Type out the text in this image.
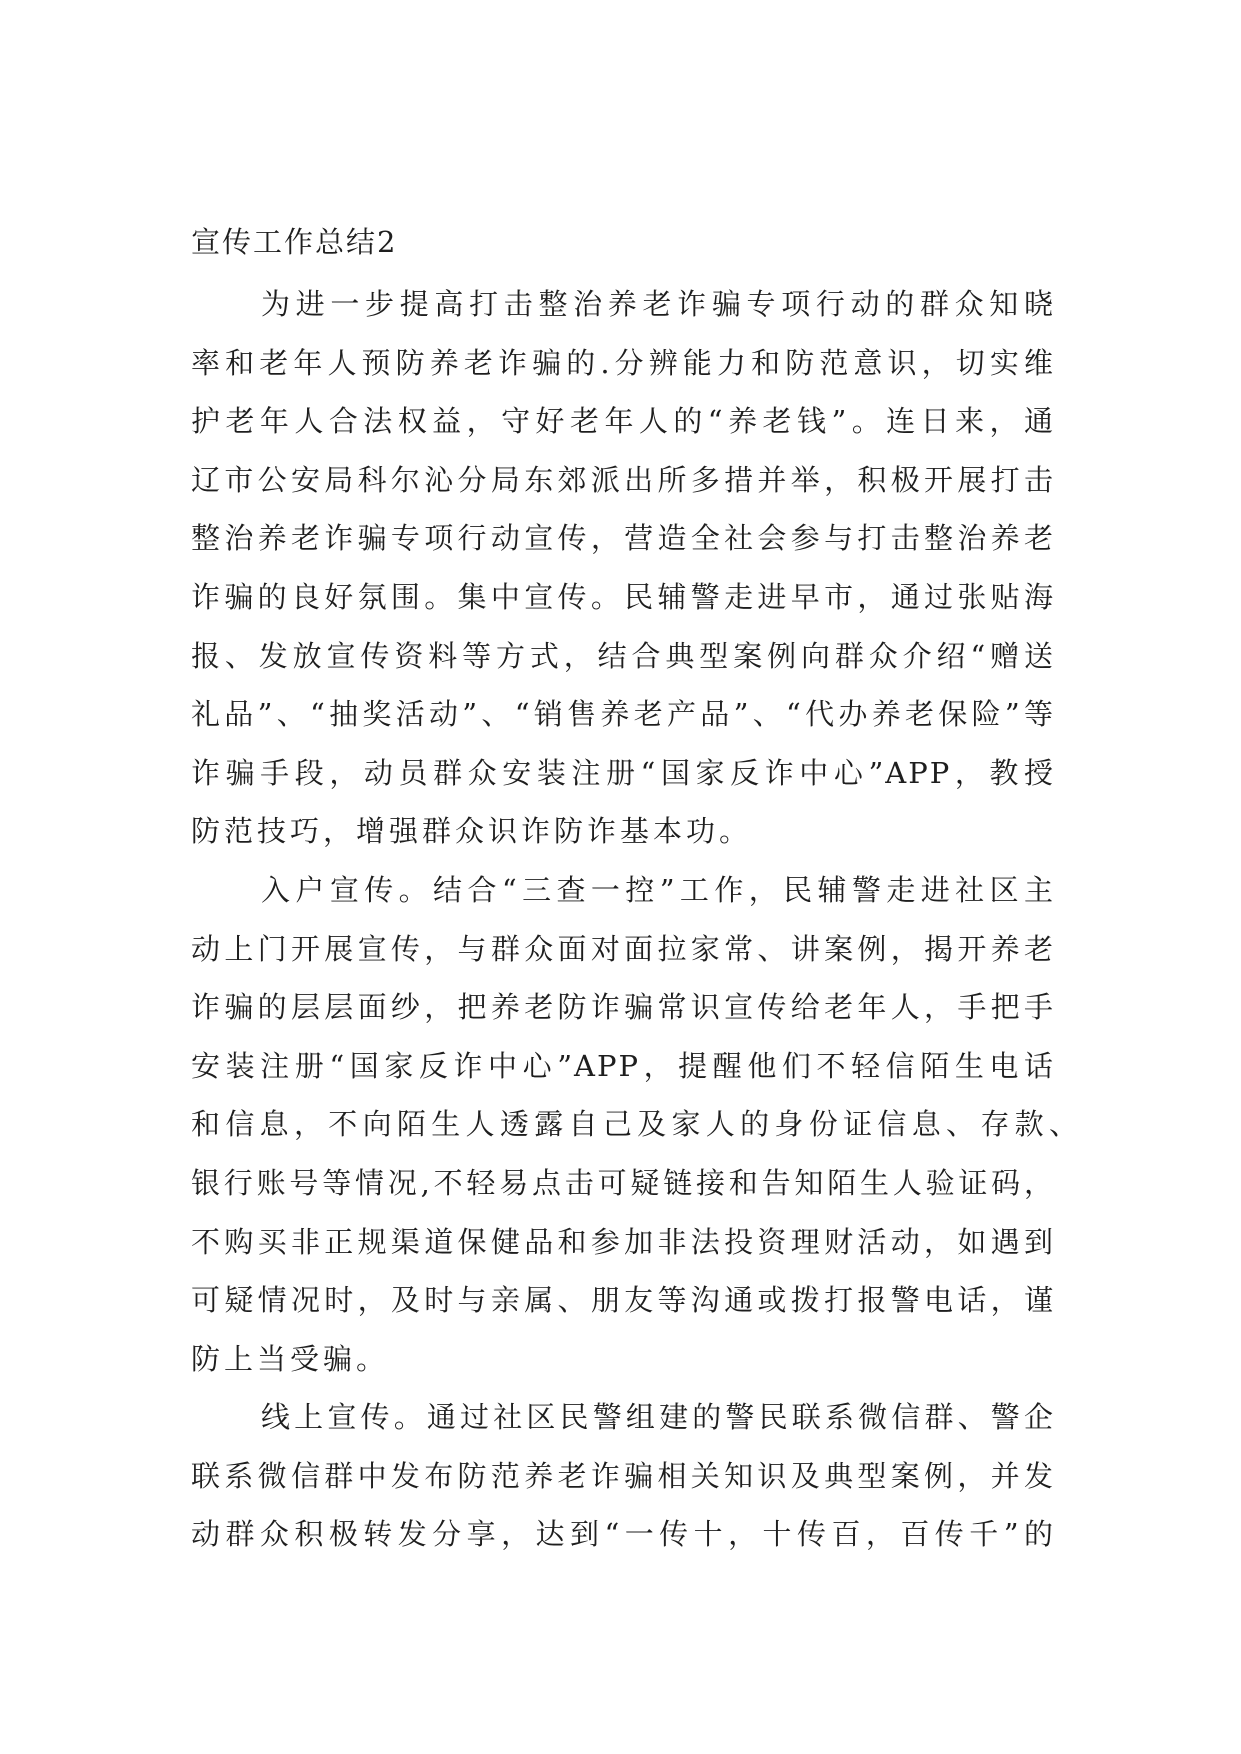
宣传工作总结2
为进一步提高打击整治养老诈骗专项行动的群众知晓
率和老年人预防养老诈骗的.分辨能力和防范意识，切实维
护老年人合法权益，守好老年人的“养老钱”。连日来，通
辽市公安局科尔沁分局东郊派出所多措并举，积极开展打击
整治养老诈骗专项行动宣传，营造全社会参与打击整治养老
诈骗的良好氛围。集中宣传。民辅警走进早市，通过张贴海
报、发放宣传资料等方式，结合典型案例向群众介绍“赠送
礼品”、“抽奖活动”、“销售养老产品”、“代办养老保险”等
诈骗手段，动员群众安装注册“国家反诈中心”APP，教授
防范技巧，增强群众识诈防诈基本功。
入户宣传。结合“三查一控”工作，民辅警走进社区主
动上门开展宣传，与群众面对面拉家常、讲案例，揭开养老
诈骗的层层面纱，把养老防诈骗常识宣传给老年人，手把手
安装注册“国家反诈中心”APP，提醒他们不轻信陌生电话
和信息，不向陌生人透露自己及家人的身份证信息、存款、
银行账号等情况,不轻易点击可疑链接和告知陌生人验证码，
不购买非正规渠道保健品和参加非法投资理财活动，如遇到
可疑情况时，及时与亲属、朋友等沟通或拨打报警电话，谨
防上当受骗。
线上宣传。通过社区民警组建的警民联系微信群、警企
联系微信群中发布防范养老诈骗相关知识及典型案例，并发
动群众积极转发分享，达到“一传十，十传百，百传千”的
